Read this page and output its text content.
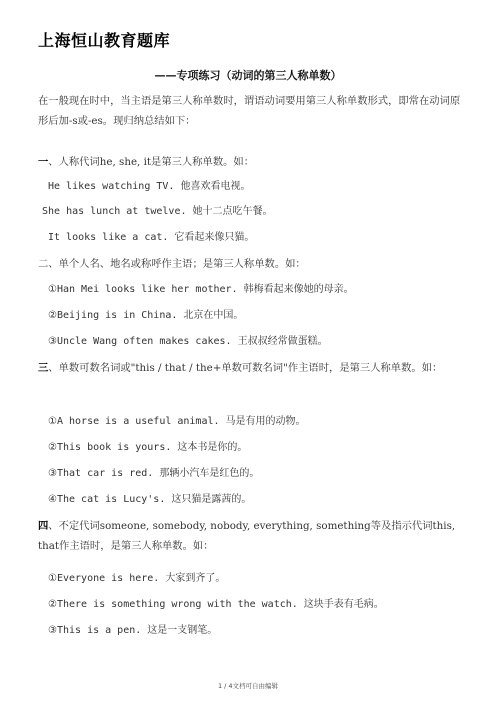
上海恒山教育题库
——专项练习（动词的第三人称单数）

在一般现在时中，当主语是第三人称单数时，谓语动词要用第三人称单数形式，即常在动词原形后加-s或-es。现归纳总结如下：

一、人称代词he, she, it是第三人称单数。如：

He likes watching TV. 他喜欢看电视。

She has lunch at twelve. 她十二点吃午餐。

It looks like a cat. 它看起来像只猫。

二、单个人名、地名或称呼作主语；是第三人称单数。如：

①Han Mei looks like her mother. 韩梅看起来像她的母亲。

②Beijing is in China. 北京在中国。

③Uncle Wang often makes cakes. 王叔叔经常做蛋糕。

三、单数可数名词或"this / that / the+单数可数名词"作主语时，是第三人称单数。如：

①A horse is a useful animal. 马是有用的动物。

②This book is yours. 这本书是你的。

③That car is red. 那辆小汽车是红色的。

④The cat is Lucy's. 这只猫是露茜的。

四、不定代词someone, somebody, nobody, everything, something等及指示代词this, that作主语时，是第三人称单数。如：

①Everyone is here. 大家到齐了。

②There is something wrong with the watch. 这块手表有毛病。

③This is a pen. 这是一支钢笔。

1 / 4文档可自由编辑
